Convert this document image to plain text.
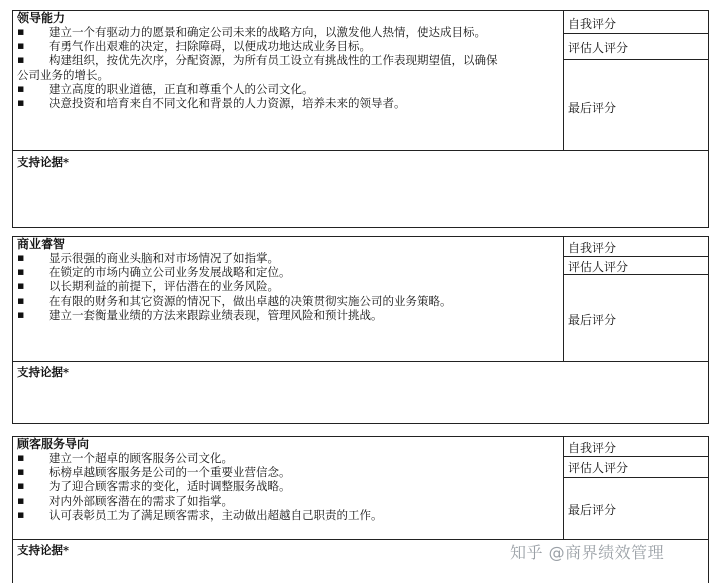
领导能力
▪ 建立一个有驱动力的愿景和确定公司未来的战略方向，以激发他人热情，使达成目标。
▪ 有勇气作出艰难的决定，扫除障碍，以便成功地达成业务目标。
▪ 构建组织，按优先次序，分配资源，为所有员工设立有挑战性的工作表现期望值，以确保
公司业务的增长。
▪ 建立高度的职业道德，正直和尊重个人的公司文化。
▪ 决意投资和培育来自不同文化和背景的人力资源，培养未来的领导者。
自我评分
评估人评分
最后评分
支持论据*
商业睿智
▪ 显示很强的商业头脑和对市场情况了如指掌。
▪ 在锁定的市场内确立公司业务发展战略和定位。
▪ 以长期利益的前提下，评估潜在的业务风险。
▪ 在有限的财务和其它资源的情况下，做出卓越的决策贯彻实施公司的业务策略。
▪ 建立一套衡量业绩的方法来跟踪业绩表现，管理风险和预计挑战。
自我评分
评估人评分
最后评分
支持论据*
顾客服务导向
▪ 建立一个超卓的顾客服务公司文化。
▪ 标榜卓越顾客服务是公司的一个重要业营信念。
▪ 为了迎合顾客需求的变化，适时调整服务战略。
▪ 对内外部顾客潜在的需求了如指掌。
▪ 认可表彰员工为了满足顾客需求，主动做出超越自己职责的工作。
自我评分
评估人评分
最后评分
支持论据*	知乎 @商界绩效管理
